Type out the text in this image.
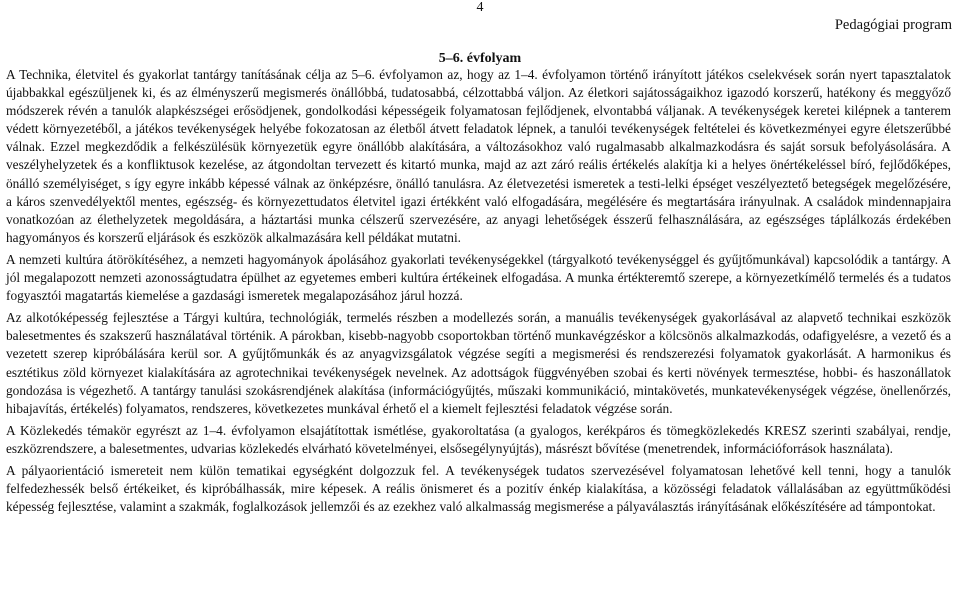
4
Pedagógiai program
5–6. évfolyam

A Technika, életvitel és gyakorlat tantárgy tanításának célja az 5–6. évfolyamon az, hogy az 1–4. évfolyamon történő irányított játékos cselekvések során nyert tapasztalatok újabbakkal egészüljenek ki, és az élményszerű megismerés önállóbbá, tudatosabbá, célzottabbá váljon. Az életkori sajátosságaikhoz igazodó korszerű, hatékony és meggyőző módszerek révén a tanulók alapkészségei erősödjenek, gondolkodási képességeik folyamatosan fejlődjenek, elvontabbá váljanak. A tevékenységek keretei kilépnek a tanterem védett környezetéből, a játékos tevékenységek helyébe fokozatosan az életből átvett feladatok lépnek, a tanulói tevékenységek feltételei és következményei egyre életszerűbbé válnak. Ezzel megkezdődik a felkészülésük környezetük egyre önállóbb alakítására, a változásokhoz való rugalmasabb alkalmazkodásra és saját sorsuk befolyásolására. A veszélyhelyzetek és a konfliktusok kezelése, az átgondoltan tervezett és kitartó munka, majd az azt záró reális értékelés alakítja ki a helyes önértékeléssel bíró, fejlődőképes, önálló személyiséget, s így egyre inkább képessé válnak az önképzésre, önálló tanulásra. Az életvezetési ismeretek a testi-lelki épséget veszélyeztető betegségek megelőzésére, a káros szenvedélyektől mentes, egészség- és környezettudatos életvitel igazi értékként való elfogadására, megélésére és megtartására irányulnak. A családok mindennapjaira vonatkozóan az élethelyzetek megoldására, a háztartási munka célszerű szervezésére, az anyagi lehetőségek ésszerű felhasználására, az egészséges táplálkozás érdekében hagyományos és korszerű eljárások és eszközök alkalmazására kell példákat mutatni.

A nemzeti kultúra átörökítéséhez, a nemzeti hagyományok ápolásához gyakorlati tevékenységekkel (tárgyalkotó tevékenységgel és gyűjtőmunkával) kapcsolódik a tantárgy. A jól megalapozott nemzeti azonosságtudatra épülhet az egyetemes emberi kultúra értékeinek elfogadása. A munka értékteremtő szerepe, a környezetkímélő termelés és a tudatos fogyasztói magatartás kiemelése a gazdasági ismeretek megalapozásához járul hozzá.

Az alkotóképesség fejlesztése a Tárgyi kultúra, technológiák, termelés részben a modellezés során, a manuális tevékenységek gyakorlásával az alapvető technikai eszközök balesetmentes és szakszerű használatával történik. A párokban, kisebb-nagyobb csoportokban történő munkavégzéskor a kölcsönös alkalmazkodás, odafigyelésre, a vezető és a vezetett szerep kipróbálására kerül sor. A gyűjtőmunkák és az anyagvizsgálatok végzése segíti a megismerési és rendszerezési folyamatok gyakorlását. A harmonikus és esztétikus zöld környezet kialakítására az agrotechnikai tevékenységek nevelnek. Az adottságok függvényében szobai és kerti növények termesztése, hobbi- és haszonállatok gondozása is végezhető. A tantárgy tanulási szokásrendjének alakítása (információgyűjtés, műszaki kommunikáció, mintakövetés, munkatevékenységek végzése, önellenőrzés, hibajavítás, értékelés) folyamatos, rendszeres, következetes munkával érhető el a kiemelt fejlesztési feladatok végzése során.

A Közlekedés témakör egyrészt az 1–4. évfolyamon elsajátítottak ismétlése, gyakoroltatása (a gyalogos, kerékpáros és tömegközlekedés KRESZ szerinti szabályai, rendje, eszközrendszere, a balesetmentes, udvarias közlekedés elvárható követelményei, elsősegélynyújtás), másrészt bővítése (menetrendek, információforrások használata).

A pályaorientáció ismereteit nem külön tematikai egységként dolgozzuk fel. A tevékenységek tudatos szervezésével folyamatosan lehetővé kell tenni, hogy a tanulók felfedezhessék belső értékeiket, és kipróbálhassák, mire képesek. A reális önismeret és a pozitív énkép kialakítása, a közösségi feladatok vállalásában az együttműködési képesség fejlesztése, valamint a szakmák, foglalkozások jellemzői és az ezekhez való alkalmasság megismerése a pályaválasztás irányításának előkészítésére ad támpontokat.
